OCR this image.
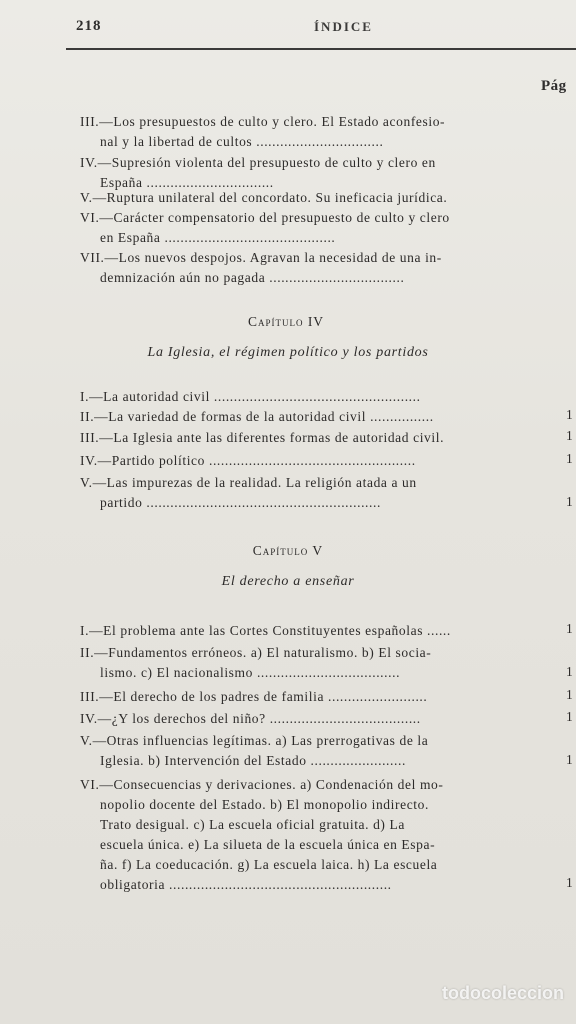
218	ÍNDICE
Pág
III.—Los presupuestos de culto y clero. El Estado aconfesio-
nal y la libertad de cultos ................................
IV.—Supresión violenta del presupuesto de culto y clero en
España ................................
V.—Ruptura unilateral del concordato. Su ineficacia jurídica.
VI.—Carácter compensatorio del presupuesto de culto y clero
en España ...........................................
VII.—Los nuevos despojos. Agravan la necesidad de una in-
demnización aún no pagada ..................................
Capítulo IV
La Iglesia, el régimen político y los partidos
I.—La autoridad civil ....................................................
II.—La variedad de formas de la autoridad civil ................	1
III.—La Iglesia ante las diferentes formas de autoridad civil.	1
IV.—Partido político ....................................................	1
V.—Las impurezas de la realidad. La religión atada a un
partido ...........................................................	1
Capítulo V
El derecho a enseñar
I.—El problema ante las Cortes Constituyentes españolas ......	1
II.—Fundamentos erróneos. a) El naturalismo. b) El socia-
lismo. c) El nacionalismo ....................................	1
III.—El derecho de los padres de familia .........................	1
IV.—¿Y los derechos del niño? ......................................	1
V.—Otras influencias legítimas. a) Las prerrogativas de la
Iglesia. b) Intervención del Estado ........................	1
VI.—Consecuencias y derivaciones. a) Condenación del mo-
nopolio docente del Estado. b) El monopolio indirecto.
Trato desigual. c) La escuela oficial gratuita. d) La
escuela única. e) La silueta de la escuela única en Espa-
ña. f) La coeducación. g) La escuela laica. h) La escuela
obligatoria ........................................................	1
todocoleccion
